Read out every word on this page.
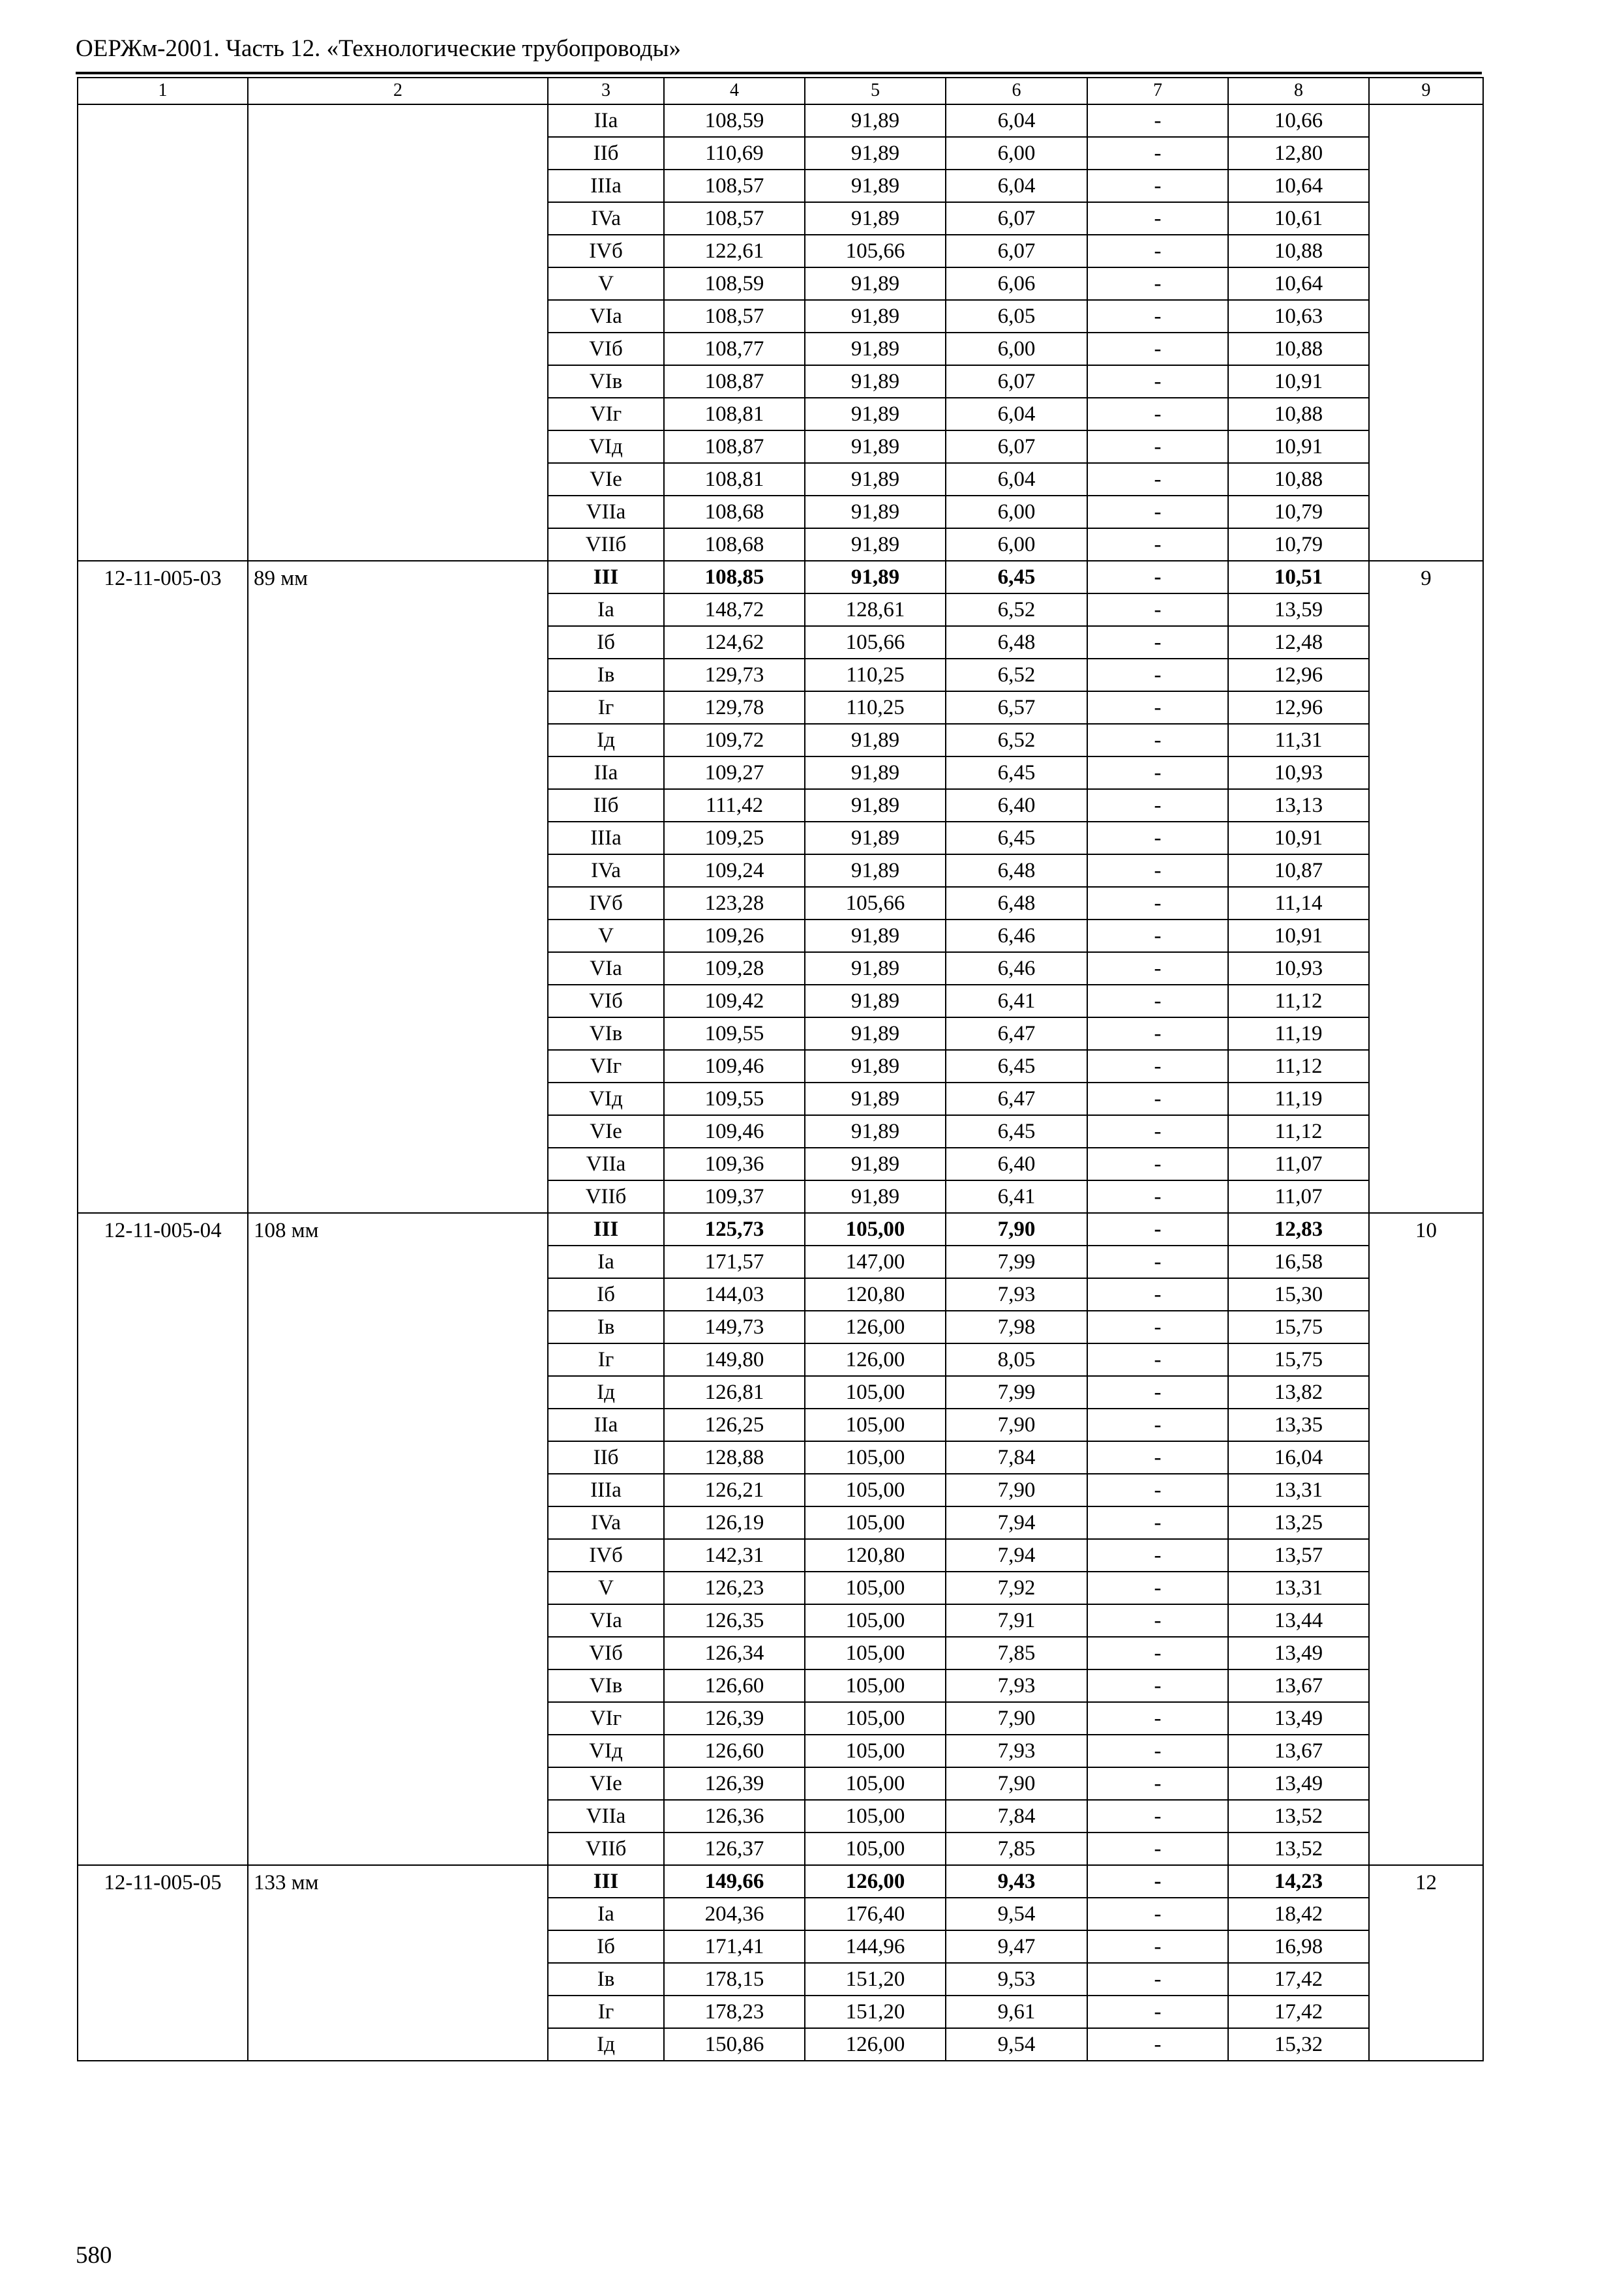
ОЕРЖм-2001. Часть 12. «Технологические трубопроводы»
1	2	3	4	5	6	7	8	9
		IIa	108,59	91,89	6,04	-	10,66	
		IIб	110,69	91,89	6,00	-	12,80	
		IIIa	108,57	91,89	6,04	-	10,64	
		IVa	108,57	91,89	6,07	-	10,61	
		IVб	122,61	105,66	6,07	-	10,88	
		V	108,59	91,89	6,06	-	10,64	
		VIa	108,57	91,89	6,05	-	10,63	
		VIб	108,77	91,89	6,00	-	10,88	
		VIв	108,87	91,89	6,07	-	10,91	
		VIг	108,81	91,89	6,04	-	10,88	
		VIд	108,87	91,89	6,07	-	10,91	
		VIe	108,81	91,89	6,04	-	10,88	
		VIIa	108,68	91,89	6,00	-	10,79	
		VIIб	108,68	91,89	6,00	-	10,79	
12-11-005-03	89 мм	III	108,85	91,89	6,45	-	10,51	9
		Ia	148,72	128,61	6,52	-	13,59	
		Iб	124,62	105,66	6,48	-	12,48	
		Iв	129,73	110,25	6,52	-	12,96	
		Iг	129,78	110,25	6,57	-	12,96	
		Iд	109,72	91,89	6,52	-	11,31	
		IIa	109,27	91,89	6,45	-	10,93	
		IIб	111,42	91,89	6,40	-	13,13	
		IIIa	109,25	91,89	6,45	-	10,91	
		IVa	109,24	91,89	6,48	-	10,87	
		IVб	123,28	105,66	6,48	-	11,14	
		V	109,26	91,89	6,46	-	10,91	
		VIa	109,28	91,89	6,46	-	10,93	
		VIб	109,42	91,89	6,41	-	11,12	
		VIв	109,55	91,89	6,47	-	11,19	
		VIг	109,46	91,89	6,45	-	11,12	
		VIд	109,55	91,89	6,47	-	11,19	
		VIe	109,46	91,89	6,45	-	11,12	
		VIIa	109,36	91,89	6,40	-	11,07	
		VIIб	109,37	91,89	6,41	-	11,07	
12-11-005-04	108 мм	III	125,73	105,00	7,90	-	12,83	10
		Ia	171,57	147,00	7,99	-	16,58	
		Iб	144,03	120,80	7,93	-	15,30	
		Iв	149,73	126,00	7,98	-	15,75	
		Iг	149,80	126,00	8,05	-	15,75	
		Iд	126,81	105,00	7,99	-	13,82	
		IIa	126,25	105,00	7,90	-	13,35	
		IIб	128,88	105,00	7,84	-	16,04	
		IIIa	126,21	105,00	7,90	-	13,31	
		IVa	126,19	105,00	7,94	-	13,25	
		IVб	142,31	120,80	7,94	-	13,57	
		V	126,23	105,00	7,92	-	13,31	
		VIa	126,35	105,00	7,91	-	13,44	
		VIб	126,34	105,00	7,85	-	13,49	
		VIв	126,60	105,00	7,93	-	13,67	
		VIг	126,39	105,00	7,90	-	13,49	
		VIд	126,60	105,00	7,93	-	13,67	
		VIe	126,39	105,00	7,90	-	13,49	
		VIIa	126,36	105,00	7,84	-	13,52	
		VIIб	126,37	105,00	7,85	-	13,52	
12-11-005-05	133 мм	III	149,66	126,00	9,43	-	14,23	12
		Ia	204,36	176,40	9,54	-	18,42	
		Iб	171,41	144,96	9,47	-	16,98	
		Iв	178,15	151,20	9,53	-	17,42	
		Iг	178,23	151,20	9,61	-	17,42	
		Iд	150,86	126,00	9,54	-	15,32	
580
